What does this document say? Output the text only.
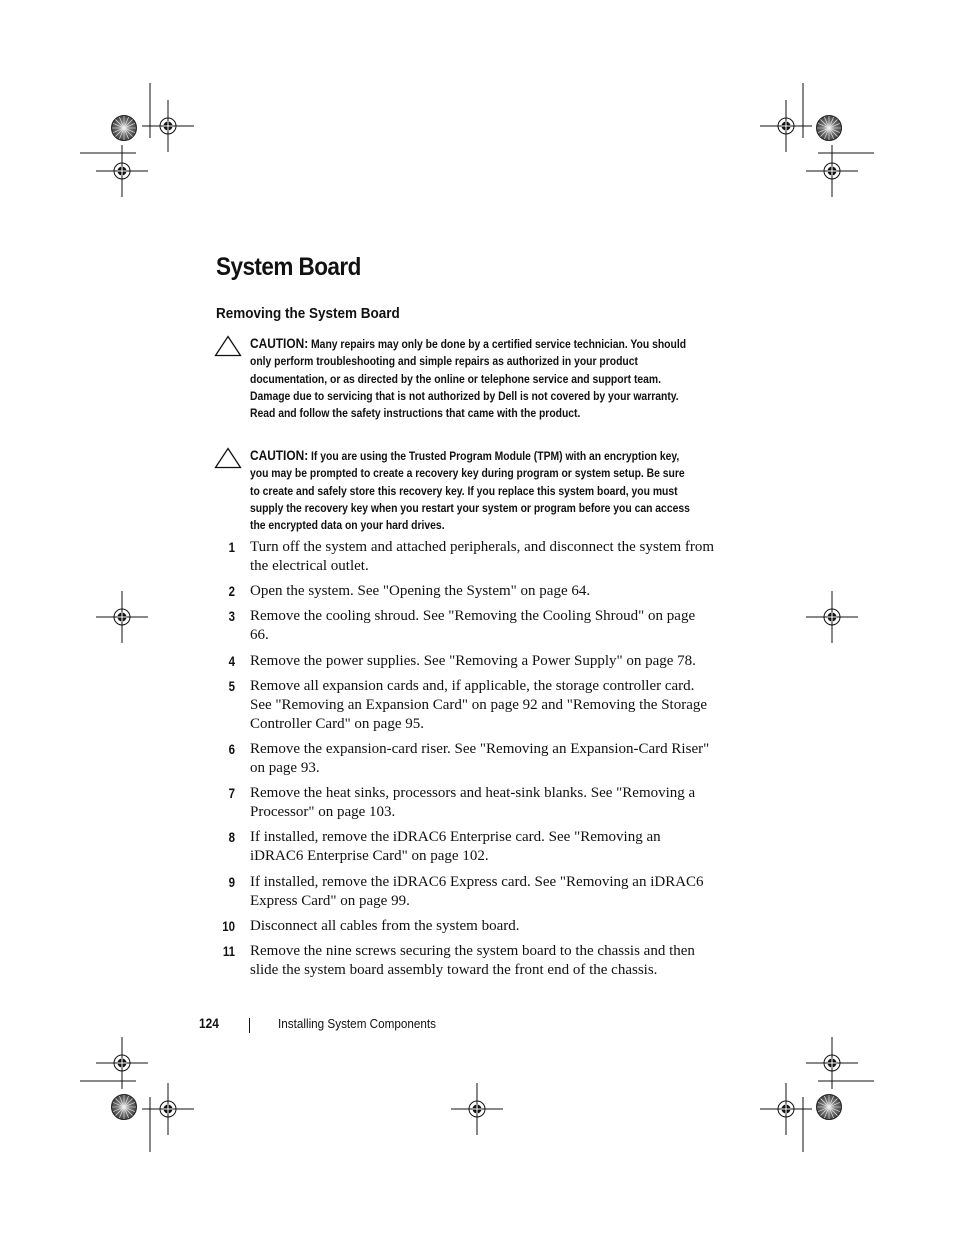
System Board
Removing the System Board
CAUTION: Many repairs may only be done by a certified service technician. You should only perform troubleshooting and simple repairs as authorized in your product documentation, or as directed by the online or telephone service and support team. Damage due to servicing that is not authorized by Dell is not covered by your warranty. Read and follow the safety instructions that came with the product.
CAUTION: If you are using the Trusted Program Module (TPM) with an encryption key, you may be prompted to create a recovery key during program or system setup. Be sure to create and safely store this recovery key. If you replace this system board, you must supply the recovery key when you restart your system or program before you can access the encrypted data on your hard drives.
1 Turn off the system and attached peripherals, and disconnect the system from the electrical outlet.
2 Open the system. See "Opening the System" on page 64.
3 Remove the cooling shroud. See "Removing the Cooling Shroud" on page 66.
4 Remove the power supplies. See "Removing a Power Supply" on page 78.
5 Remove all expansion cards and, if applicable, the storage controller card. See "Removing an Expansion Card" on page 92 and "Removing the Storage Controller Card" on page 95.
6 Remove the expansion-card riser. See "Removing an Expansion-Card Riser" on page 93.
7 Remove the heat sinks, processors and heat-sink blanks. See "Removing a Processor" on page 103.
8 If installed, remove the iDRAC6 Enterprise card. See "Removing an iDRAC6 Enterprise Card" on page 102.
9 If installed, remove the iDRAC6 Express card. See "Removing an iDRAC6 Express Card" on page 99.
10 Disconnect all cables from the system board.
11 Remove the nine screws securing the system board to the chassis and then slide the system board assembly toward the front end of the chassis.
124	Installing System Components
